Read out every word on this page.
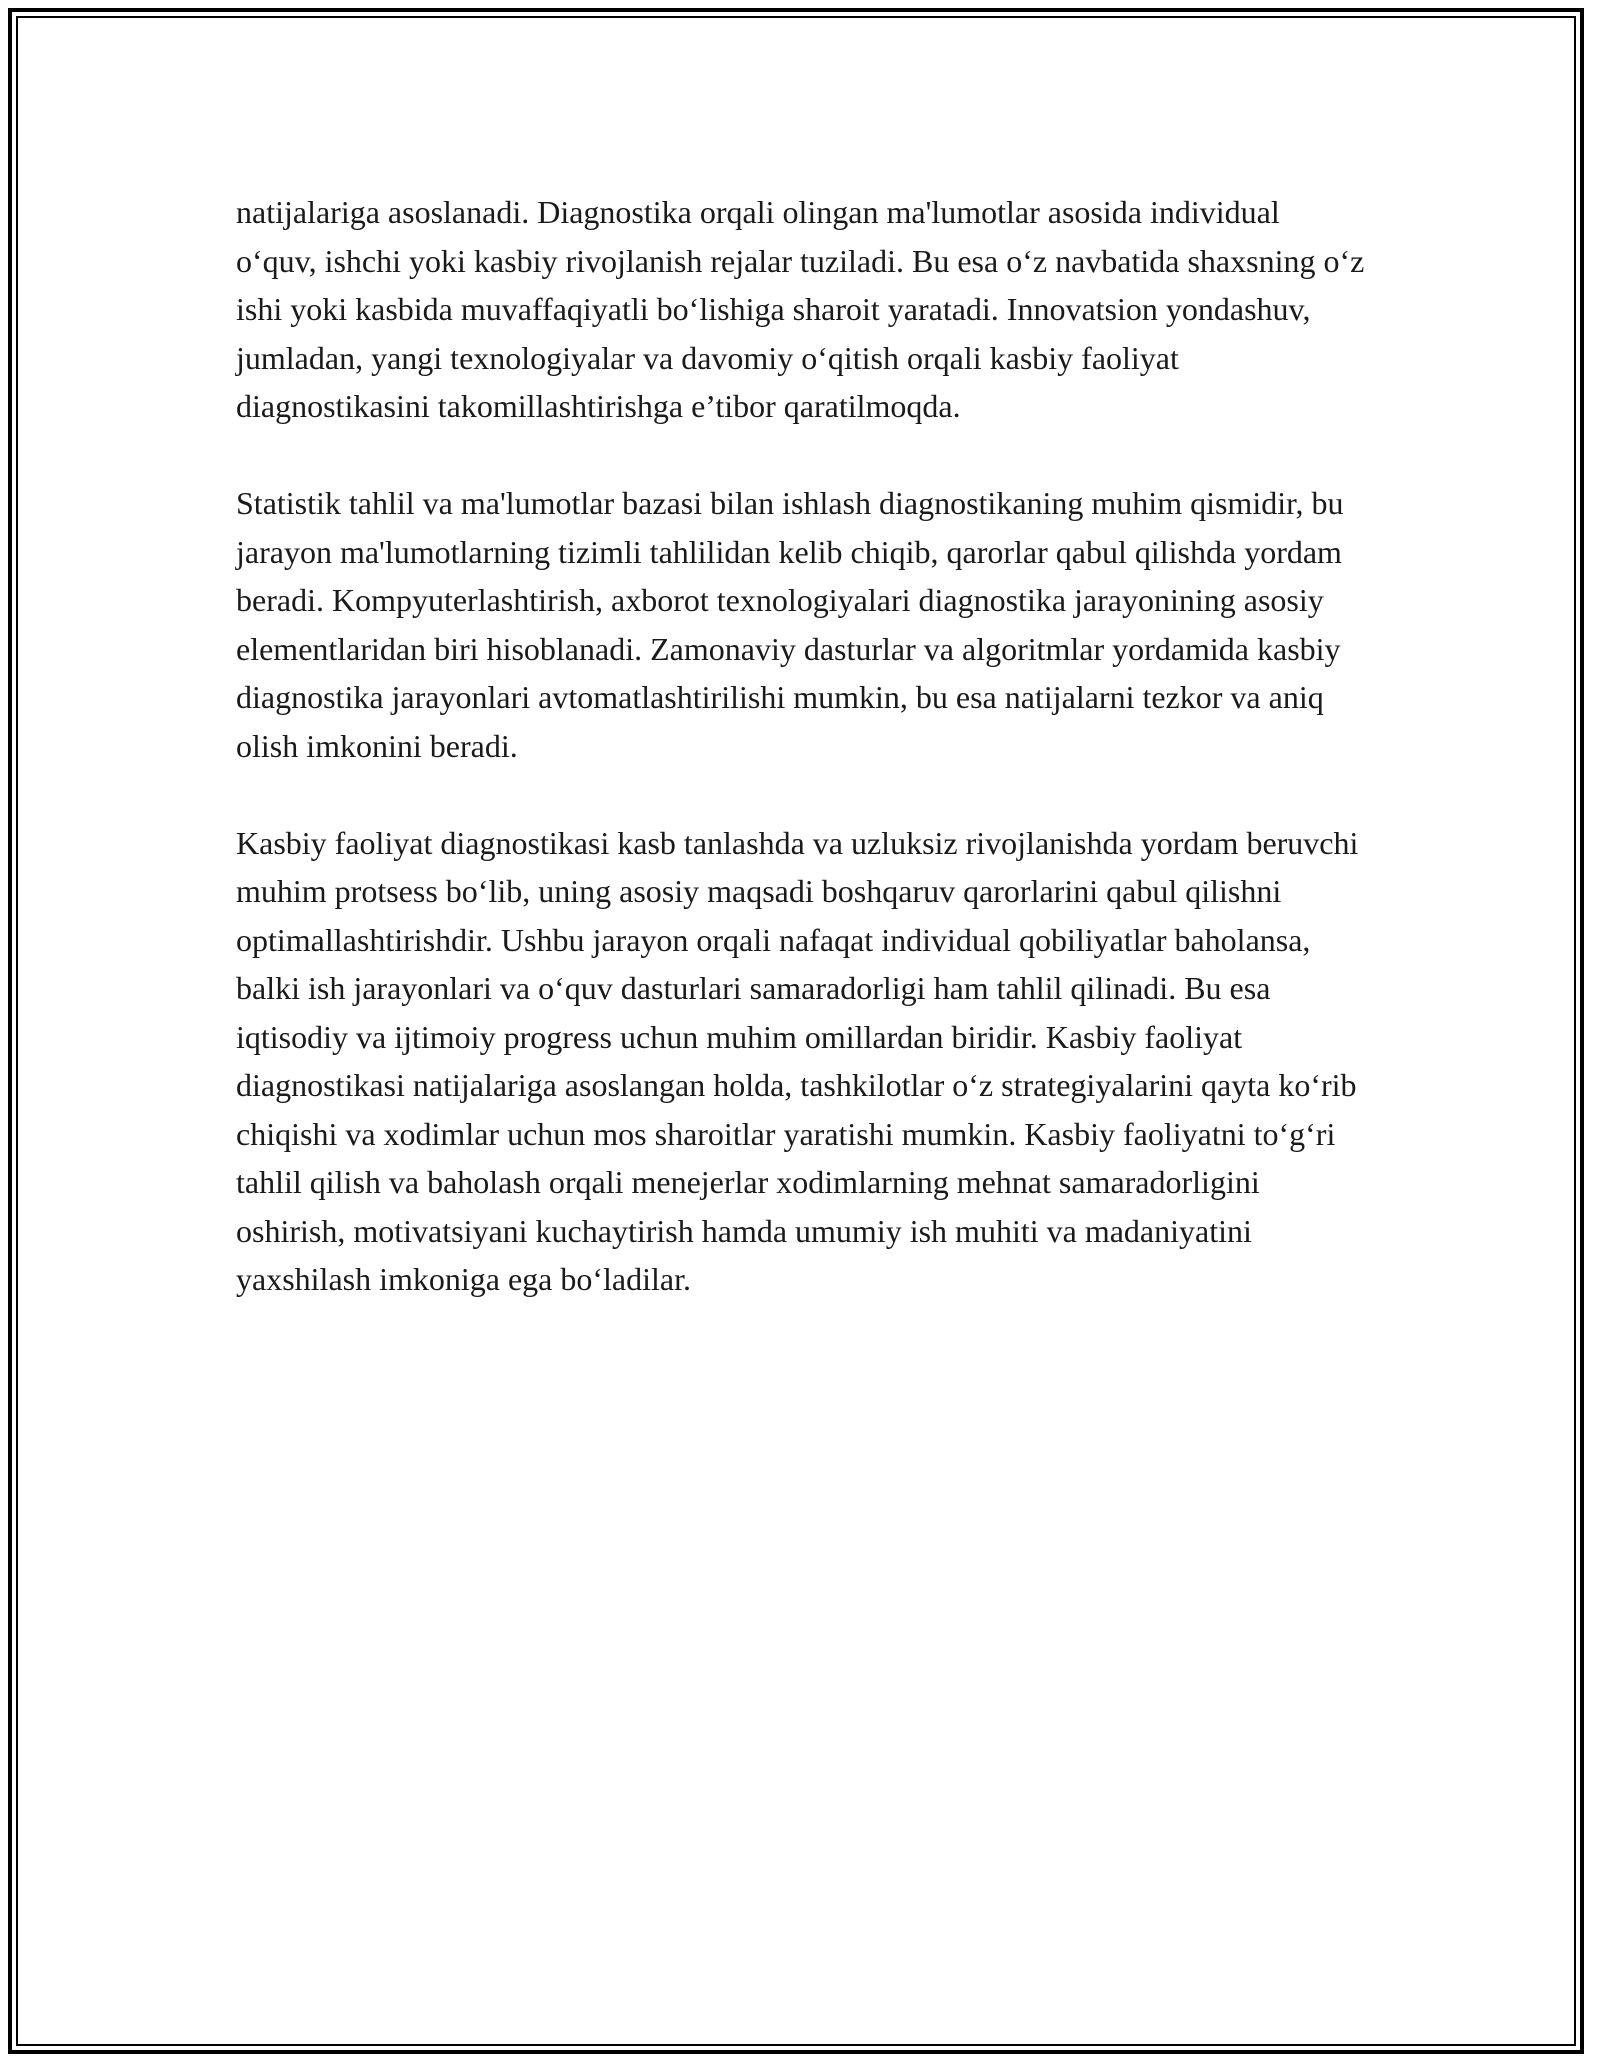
natijalariga asoslanadi. Diagnostika orqali olingan ma'lumotlar asosida individual o‘quv, ishchi yoki kasbiy rivojlanish rejalar tuziladi. Bu esa o‘z navbatida shaxsning o‘z ishi yoki kasbida muvaffaqiyatli bo‘lishiga sharoit yaratadi. Innovatsion yondashuv, jumladan, yangi texnologiyalar va davomiy o‘qitish orqali kasbiy faoliyat diagnostikasini takomillashtirishga e’tibor qaratilmoqda.

Statistik tahlil va ma'lumotlar bazasi bilan ishlash diagnostikaning muhim qismidir, bu jarayon ma'lumotlarning tizimli tahlilidan kelib chiqib, qarorlar qabul qilishda yordam beradi. Kompyuterlashtirish, axborot texnologiyalari diagnostika jarayonining asosiy elementlaridan biri hisoblanadi. Zamonaviy dasturlar va algoritmlar yordamida kasbiy diagnostika jarayonlari avtomatlashtirilishi mumkin, bu esa natijalarni tezkor va aniq olish imkonini beradi.

Kasbiy faoliyat diagnostikasi kasb tanlashda va uzluksiz rivojlanishda yordam beruvchi muhim protsess bo‘lib, uning asosiy maqsadi boshqaruv qarorlarini qabul qilishni optimallashtirishdir. Ushbu jarayon orqali nafaqat individual qobiliyatlar baholansa, balki ish jarayonlari va o‘quv dasturlari samaradorligi ham tahlil qilinadi. Bu esa iqtisodiy va ijtimoiy progress uchun muhim omillardan biridir. Kasbiy faoliyat diagnostikasi natijalariga asoslangan holda, tashkilotlar o‘z strategiyalarini qayta ko‘rib chiqishi va xodimlar uchun mos sharoitlar yaratishi mumkin. Kasbiy faoliyatni to‘g‘ri tahlil qilish va baholash orqali menejerlar xodimlarning mehnat samaradorligini oshirish, motivatsiyani kuchaytirish hamda umumiy ish muhiti va madaniyatini yaxshilash imkoniga ega bo‘ladilar.
